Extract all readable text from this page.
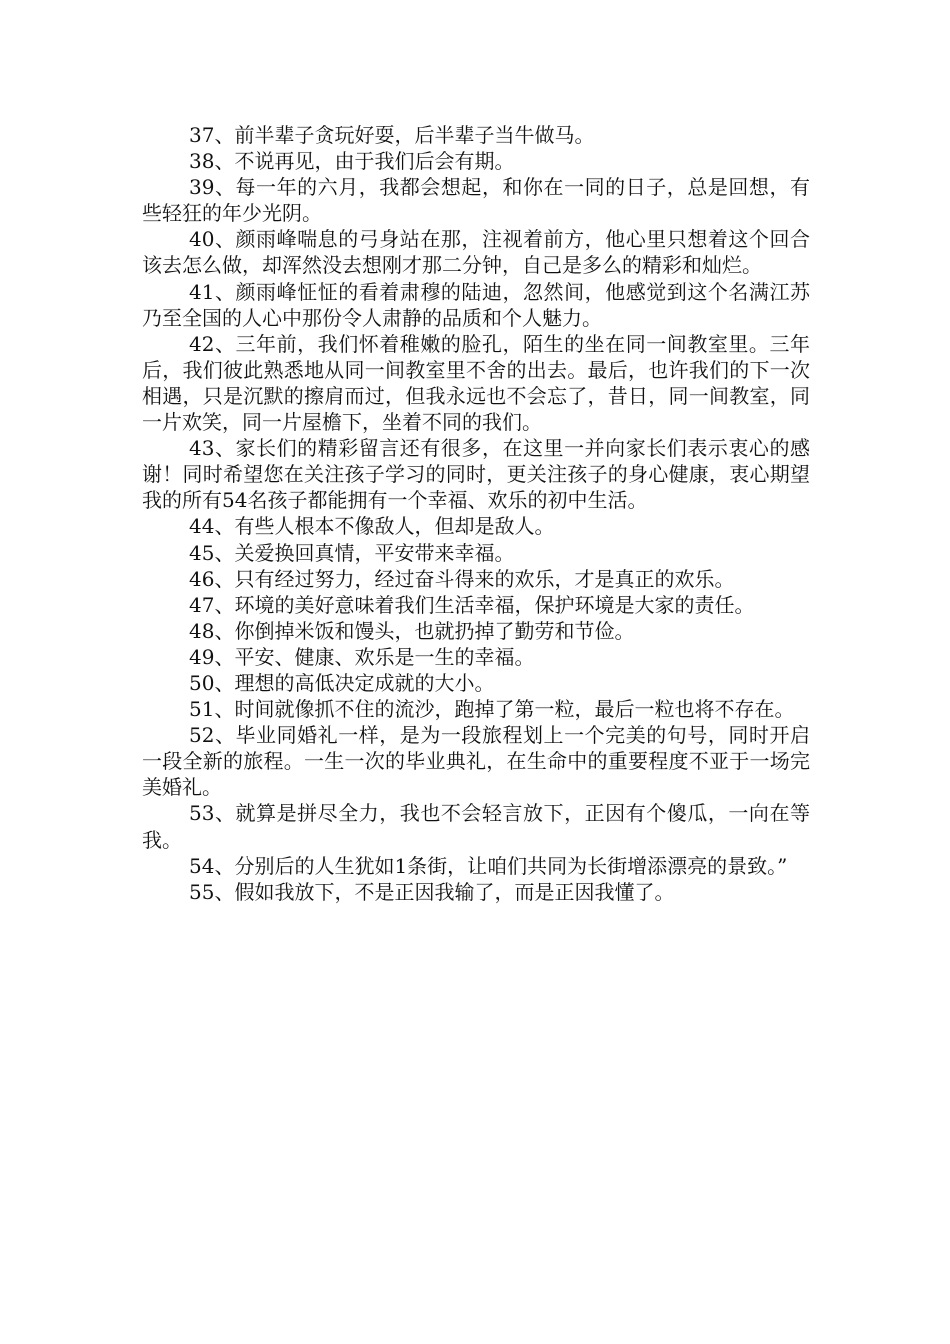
37、前半辈子贪玩好耍，后半辈子当牛做马。

38、不说再见，由于我们后会有期。

39、每一年的六月，我都会想起，和你在一同的日子，总是回想，有些轻狂的年少光阴。

40、颜雨峰喘息的弓身站在那，注视着前方，他心里只想着这个回合该去怎么做，却浑然没去想刚才那二分钟，自己是多么的精彩和灿烂。

41、颜雨峰怔怔的看着肃穆的陆迪，忽然间，他感觉到这个名满江苏乃至全国的人心中那份令人肃静的品质和个人魅力。

42、三年前，我们怀着稚嫩的脸孔，陌生的坐在同一间教室里。三年后，我们彼此熟悉地从同一间教室里不舍的出去。最后，也许我们的下一次相遇，只是沉默的擦肩而过，但我永远也不会忘了，昔日，同一间教室，同一片欢笑，同一片屋檐下，坐着不同的我们。

43、家长们的精彩留言还有很多，在这里一并向家长们表示衷心的感谢！同时希望您在关注孩子学习的同时，更关注孩子的身心健康，衷心期望我的所有54名孩子都能拥有一个幸福、欢乐的初中生活。

44、有些人根本不像敌人，但却是敌人。

45、关爱换回真情，平安带来幸福。

46、只有经过努力，经过奋斗得来的欢乐，才是真正的欢乐。

47、环境的美好意味着我们生活幸福，保护环境是大家的责任。

48、你倒掉米饭和馒头，也就扔掉了勤劳和节俭。

49、平安、健康、欢乐是一生的幸福。

50、理想的高低决定成就的大小。

51、时间就像抓不住的流沙，跑掉了第一粒，最后一粒也将不存在。

52、毕业同婚礼一样，是为一段旅程划上一个完美的句号，同时开启一段全新的旅程。一生一次的毕业典礼，在生命中的重要程度不亚于一场完美婚礼。

53、就算是拼尽全力，我也不会轻言放下，正因有个傻瓜，一向在等我。

54、分别后的人生犹如1条街，让咱们共同为长街增添漂亮的景致。”

55、假如我放下，不是正因我输了，而是正因我懂了。
